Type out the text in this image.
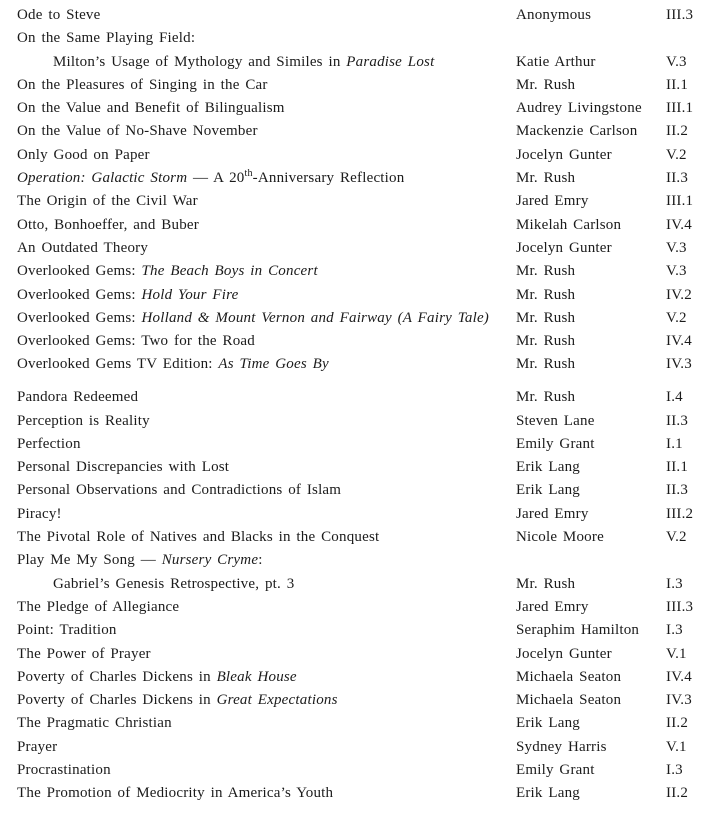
Ode to Steve	Anonymous	III.3
On the Same Playing Field:
Milton’s Usage of Mythology and Similes in Paradise Lost	Katie Arthur	V.3
On the Pleasures of Singing in the Car	Mr. Rush	II.1
On the Value and Benefit of Bilingualism	Audrey Livingstone	III.1
On the Value of No-Shave November	Mackenzie Carlson	II.2
Only Good on Paper	Jocelyn Gunter	V.2
Operation: Galactic Storm — A 20th-Anniversary Reflection	Mr. Rush	II.3
The Origin of the Civil War	Jared Emry	III.1
Otto, Bonhoeffer, and Buber	Mikelah Carlson	IV.4
An Outdated Theory	Jocelyn Gunter	V.3
Overlooked Gems: The Beach Boys in Concert	Mr. Rush	V.3
Overlooked Gems: Hold Your Fire	Mr. Rush	IV.2
Overlooked Gems: Holland & Mount Vernon and Fairway (A Fairy Tale)	Mr. Rush	V.2
Overlooked Gems: Two for the Road	Mr. Rush	IV.4
Overlooked Gems TV Edition: As Time Goes By	Mr. Rush	IV.3
Pandora Redeemed	Mr. Rush	I.4
Perception is Reality	Steven Lane	II.3
Perfection	Emily Grant	I.1
Personal Discrepancies with Lost	Erik Lang	II.1
Personal Observations and Contradictions of Islam	Erik Lang	II.3
Piracy!	Jared Emry	III.2
The Pivotal Role of Natives and Blacks in the Conquest	Nicole Moore	V.2
Play Me My Song — Nursery Cryme:
Gabriel’s Genesis Retrospective, pt. 3	Mr. Rush	I.3
The Pledge of Allegiance	Jared Emry	III.3
Point: Tradition	Seraphim Hamilton	I.3
The Power of Prayer	Jocelyn Gunter	V.1
Poverty of Charles Dickens in Bleak House	Michaela Seaton	IV.4
Poverty of Charles Dickens in Great Expectations	Michaela Seaton	IV.3
The Pragmatic Christian	Erik Lang	II.2
Prayer	Sydney Harris	V.1
Procrastination	Emily Grant	I.3
The Promotion of Mediocrity in America’s Youth	Erik Lang	II.2
